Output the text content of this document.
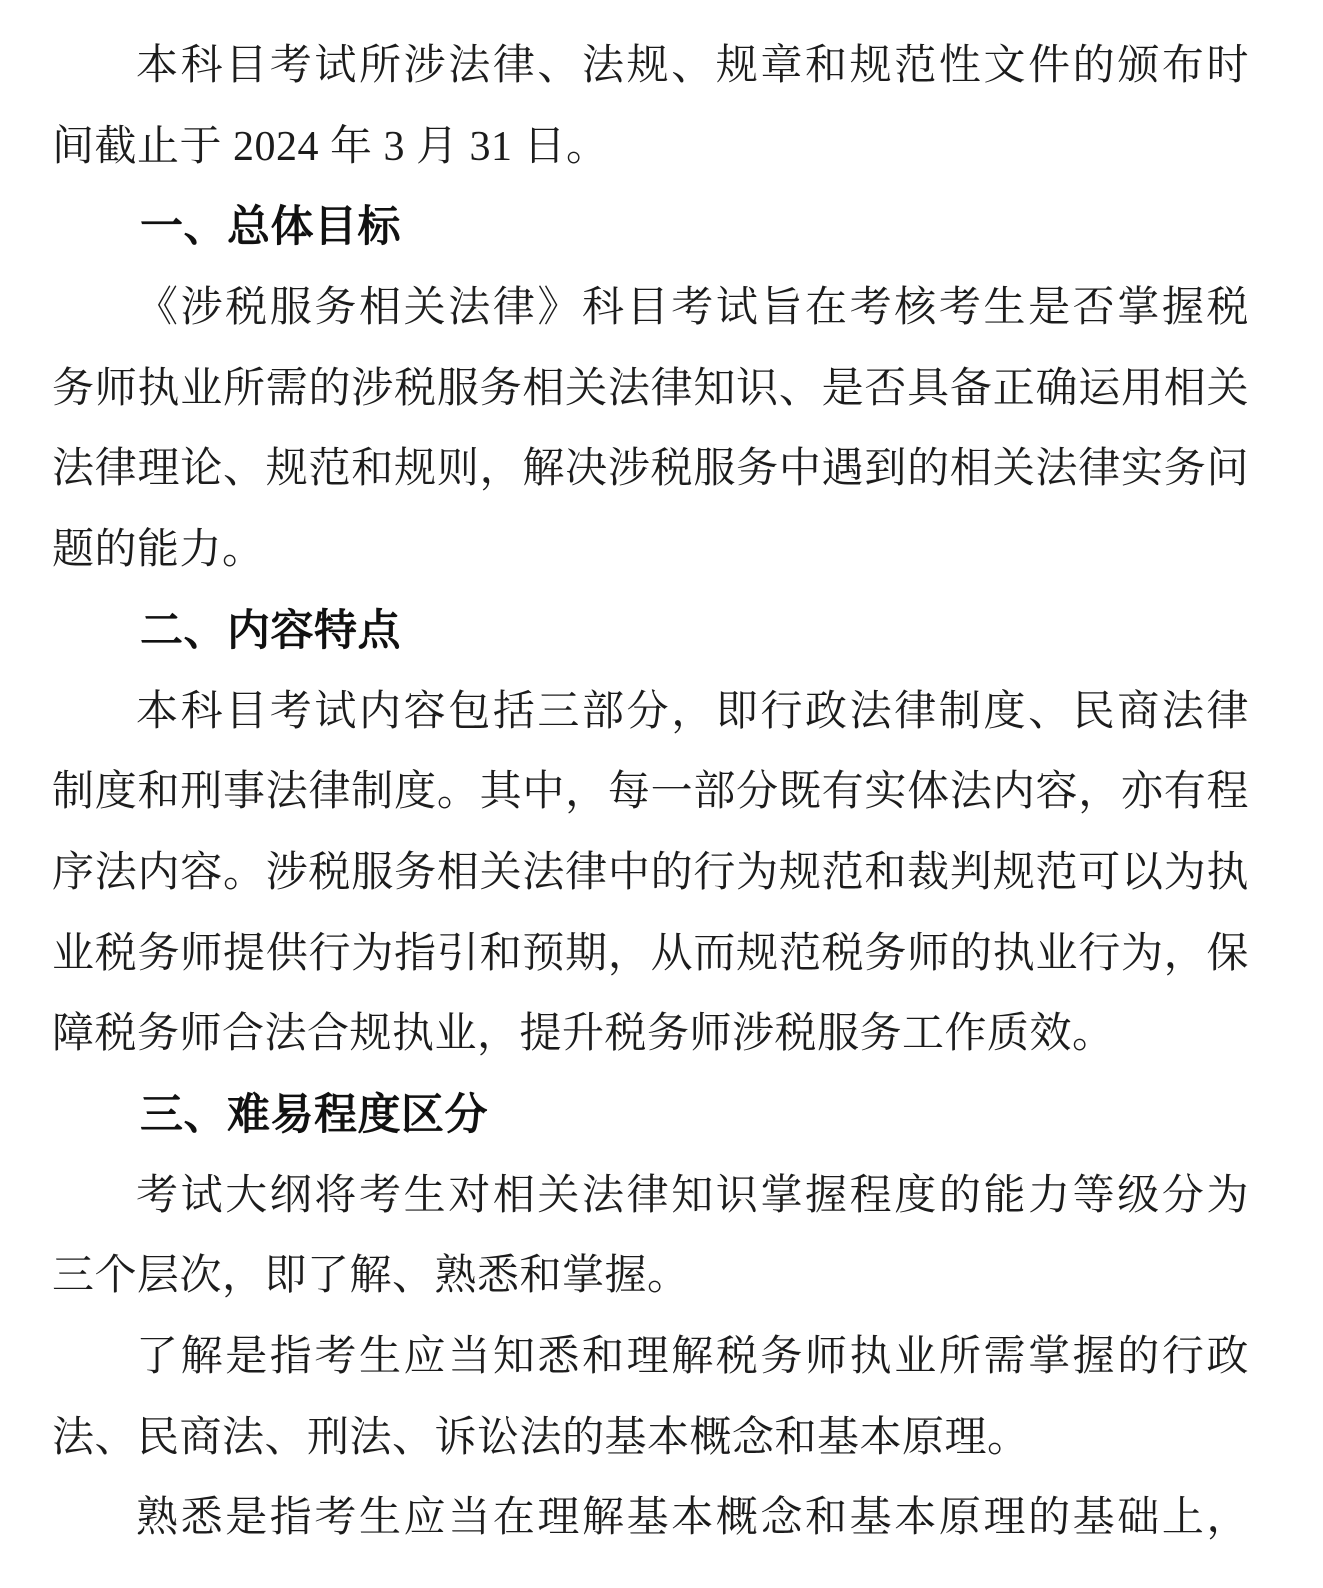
本科目考试所涉法律、法规、规章和规范性文件的颁布时
间截止于 2024 年 3 月 31 日。
一、总体目标
《涉税服务相关法律》科目考试旨在考核考生是否掌握税
务师执业所需的涉税服务相关法律知识、是否具备正确运用相关
法律理论、规范和规则，解决涉税服务中遇到的相关法律实务问
题的能力。
二、内容特点
本科目考试内容包括三部分，即行政法律制度、民商法律
制度和刑事法律制度。其中，每一部分既有实体法内容，亦有程
序法内容。涉税服务相关法律中的行为规范和裁判规范可以为执
业税务师提供行为指引和预期，从而规范税务师的执业行为，保
障税务师合法合规执业，提升税务师涉税服务工作质效。
三、难易程度区分
考试大纲将考生对相关法律知识掌握程度的能力等级分为
三个层次，即了解、熟悉和掌握。
了解是指考生应当知悉和理解税务师执业所需掌握的行政
法、民商法、刑法、诉讼法的基本概念和基本原理。
熟悉是指考生应当在理解基本概念和基本原理的基础上，
